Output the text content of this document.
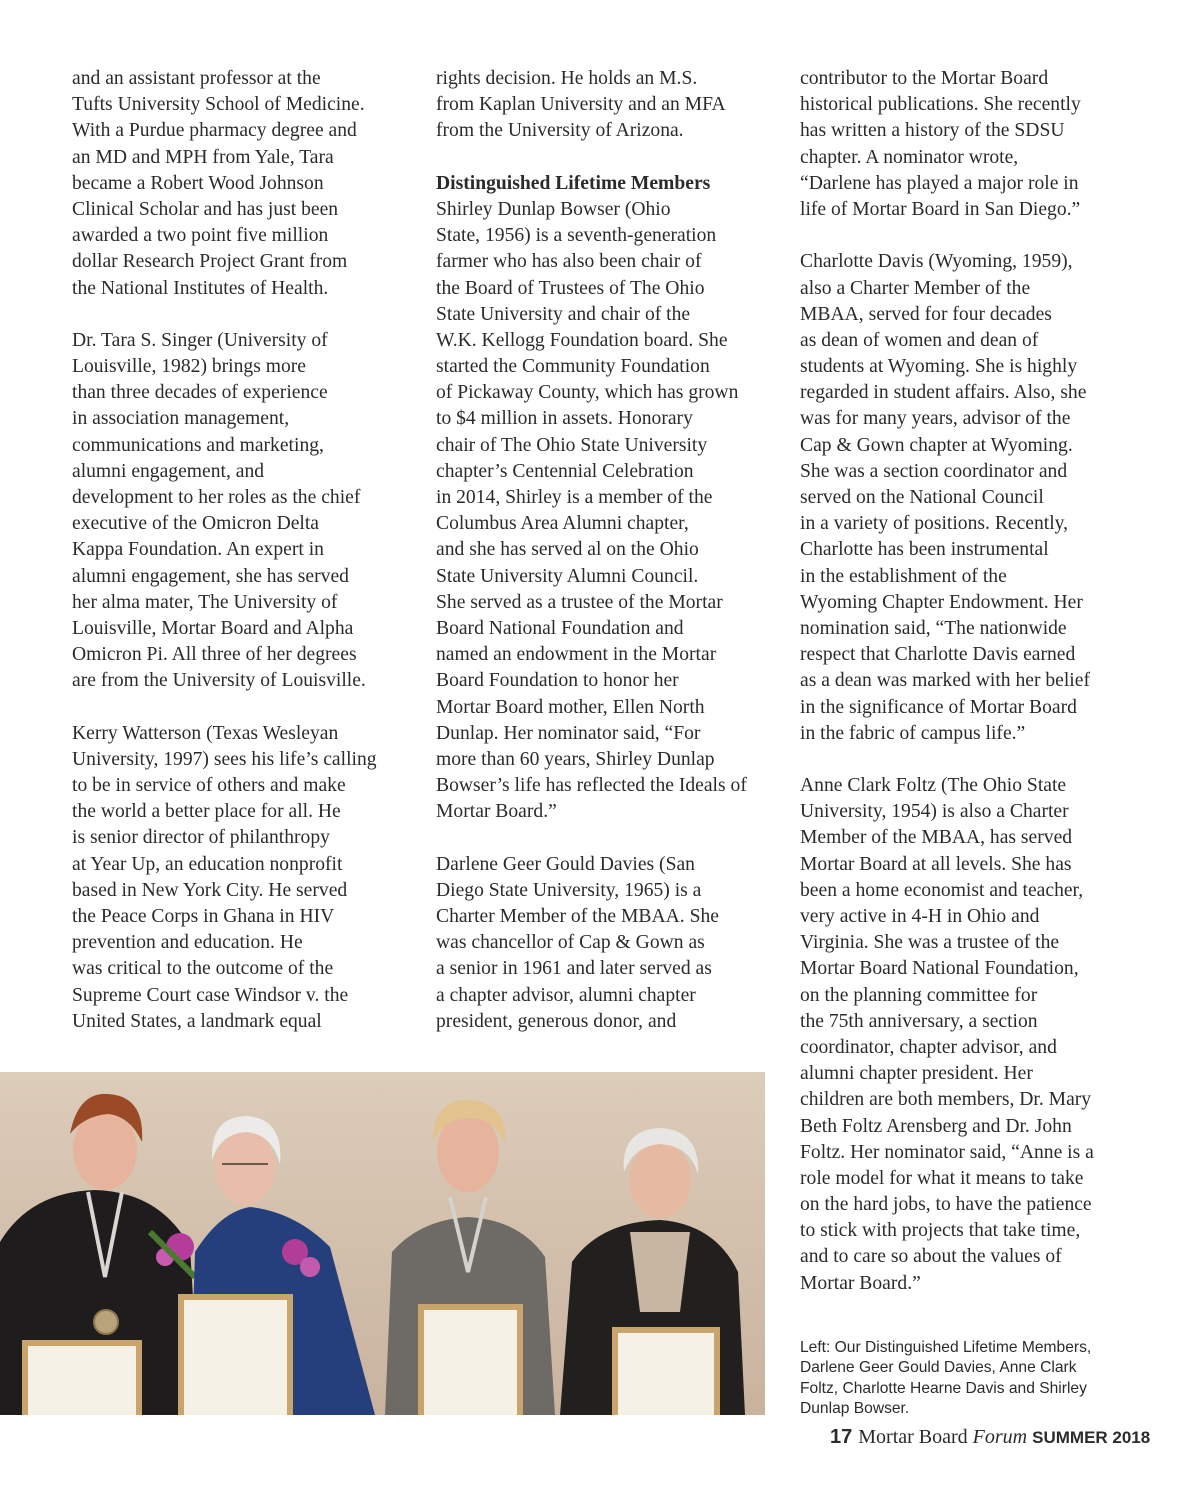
and an assistant professor at the
Tufts University School of Medicine.
With a Purdue pharmacy degree and
an MD and MPH from Yale, Tara
became a Robert Wood Johnson
Clinical Scholar and has just been
awarded a two point five million
dollar Research Project Grant from
the National Institutes of Health.
Dr. Tara S. Singer (University of
Louisville, 1982) brings more
than three decades of experience
in association management,
communications and marketing,
alumni engagement, and
development to her roles as the chief
executive of the Omicron Delta
Kappa Foundation. An expert in
alumni engagement, she has served
her alma mater, The University of
Louisville, Mortar Board and Alpha
Omicron Pi. All three of her degrees
are from the University of Louisville.
Kerry Watterson (Texas Wesleyan
University, 1997) sees his life’s calling
to be in service of others and make
the world a better place for all. He
is senior director of philanthropy
at Year Up, an education nonprofit
based in New York City. He served
the Peace Corps in Ghana in HIV
prevention and education. He
was critical to the outcome of the
Supreme Court case Windsor v. the
United States, a landmark equal
rights decision. He holds an M.S.
from Kaplan University and an MFA
from the University of Arizona.
Distinguished Lifetime Members
Shirley Dunlap Bowser (Ohio
State, 1956) is a seventh-generation
farmer who has also been chair of
the Board of Trustees of The Ohio
State University and chair of the
W.K. Kellogg Foundation board. She
started the Community Foundation
of Pickaway County, which has grown
to $4 million in assets. Honorary
chair of The Ohio State University
chapter’s Centennial Celebration
in 2014, Shirley is a member of the
Columbus Area Alumni chapter,
and she has served al on the Ohio
State University Alumni Council.
She served as a trustee of the Mortar
Board National Foundation and
named an endowment in the Mortar
Board Foundation to honor her
Mortar Board mother, Ellen North
Dunlap. Her nominator said, “For
more than 60 years, Shirley Dunlap
Bowser’s life has reflected the Ideals of
Mortar Board.”
Darlene Geer Gould Davies (San
Diego State University, 1965) is a
Charter Member of the MBAA. She
was chancellor of Cap & Gown as
a senior in 1961 and later served as
a chapter advisor, alumni chapter
president, generous donor, and
contributor to the Mortar Board
historical publications. She recently
has written a history of the SDSU
chapter. A nominator wrote,
“Darlene has played a major role in
life of Mortar Board in San Diego.”
Charlotte Davis (Wyoming, 1959),
also a Charter Member of the
MBAA, served for four decades
as dean of women and dean of
students at Wyoming. She is highly
regarded in student affairs. Also, she
was for many years, advisor of the
Cap & Gown chapter at Wyoming.
She was a section coordinator and
served on the National Council
in a variety of positions. Recently,
Charlotte has been instrumental
in the establishment of the
Wyoming Chapter Endowment. Her
nomination said, “The nationwide
respect that Charlotte Davis earned
as a dean was marked with her belief
in the significance of Mortar Board
in the fabric of campus life.”
Anne Clark Foltz (The Ohio State
University, 1954) is also a Charter
Member of the MBAA, has served
Mortar Board at all levels. She has
been a home economist and teacher,
very active in 4-H in Ohio and
Virginia. She was a trustee of the
Mortar Board National Foundation,
on the planning committee for
the 75th anniversary, a section
coordinator, chapter advisor, and
alumni chapter president. Her
children are both members, Dr. Mary
Beth Foltz Arensberg and Dr. John
Foltz. Her nominator said, “Anne is a
role model for what it means to take
on the hard jobs, to have the patience
to stick with projects that take time,
and to care so about the values of
Mortar Board.”
Left: Our Distinguished Lifetime Members,
Darlene Geer Gould Davies, Anne Clark
Foltz, Charlotte Hearne Davis and Shirley
Dunlap Bowser.
17 Mortar Board Forum SUMMER 2018
